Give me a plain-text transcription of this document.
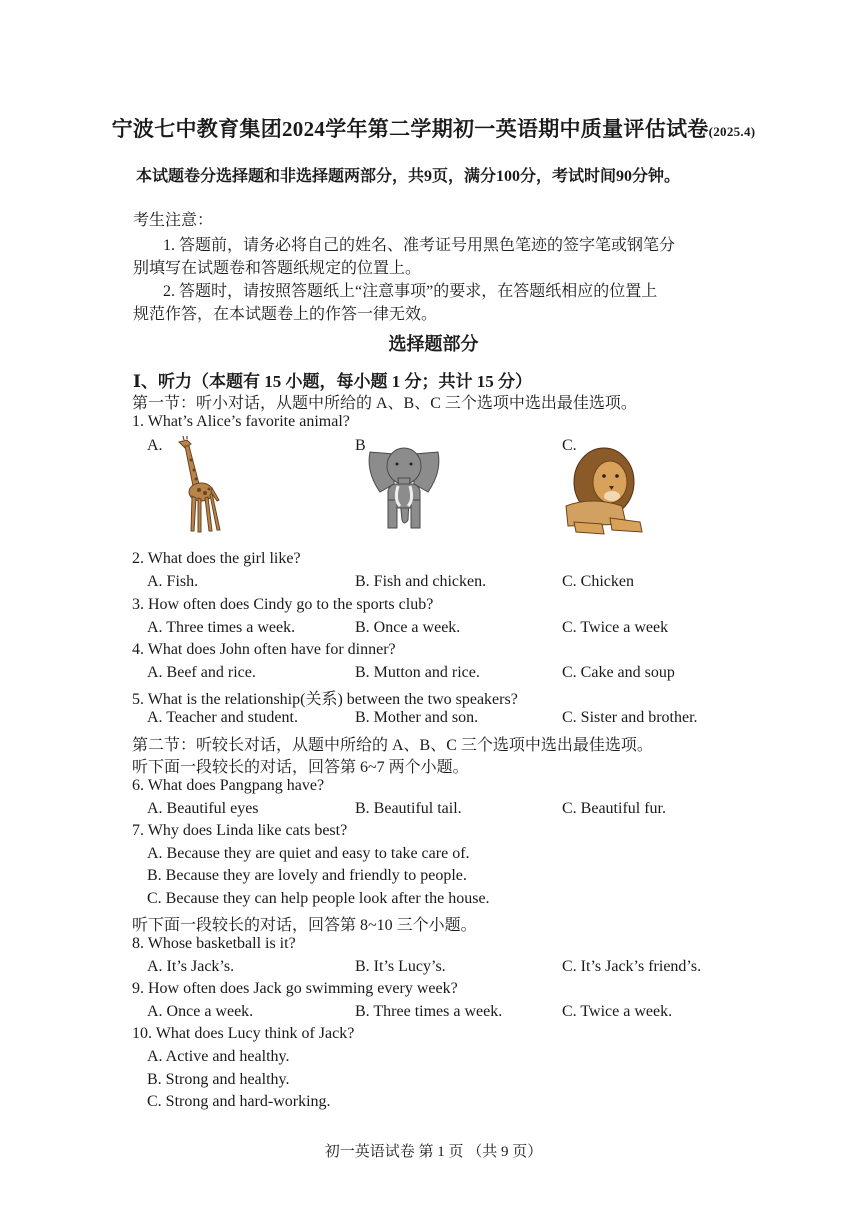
宁波七中教育集团2024学年第二学期初一英语期中质量评估试卷(2025.4)
本试题卷分选择题和非选择题两部分，共9页，满分100分，考试时间90分钟。
考生注意：
1. 答题前，请务必将自己的姓名、准考证号用黑色笔迹的签字笔或钢笔分
别填写在试题卷和答题纸规定的位置上。
2. 答题时，请按照答题纸上“注意事项”的要求，在答题纸相应的位置上
规范作答，在本试题卷上的作答一律无效。
选择题部分
Ⅰ、听力（本题有 15 小题，每小题 1 分；共计 15 分）
第一节：听小对话，从题中所给的 A、B、C 三个选项中选出最佳选项。
1. What’s Alice’s favorite animal?
A.	B	C.
2. What does the girl like?
A. Fish.	B. Fish and chicken.	C. Chicken
3. How often does Cindy go to the sports club?
A. Three times a week.	B. Once a week.	C. Twice a week
4. What does John often have for dinner?
A. Beef and rice.	B. Mutton and rice.	C. Cake and soup
5. What is the relationship(关系) between the two speakers?
A. Teacher and student.	B. Mother and son.	C. Sister and brother.
第二节：听较长对话，从题中所给的 A、B、C 三个选项中选出最佳选项。
听下面一段较长的对话，回答第 6~7 两个小题。
6. What does Pangpang have?
A. Beautiful eyes	B. Beautiful tail.	C. Beautiful fur.
7. Why does Linda like cats best?
A. Because they are quiet and easy to take care of.
B. Because they are lovely and friendly to people.
C. Because they can help people look after the house.
听下面一段较长的对话，回答第 8~10 三个小题。
8. Whose basketball is it?
A. It’s Jack’s.	B. It’s Lucy’s.	C. It’s Jack’s friend’s.
9. How often does Jack go swimming every week?
A. Once a week.	B. Three times a week.	C. Twice a week.
10. What does Lucy think of Jack?
A. Active and healthy.
B. Strong and healthy.
C. Strong and hard-working.
初一英语试卷 第 1 页 （共 9 页）
